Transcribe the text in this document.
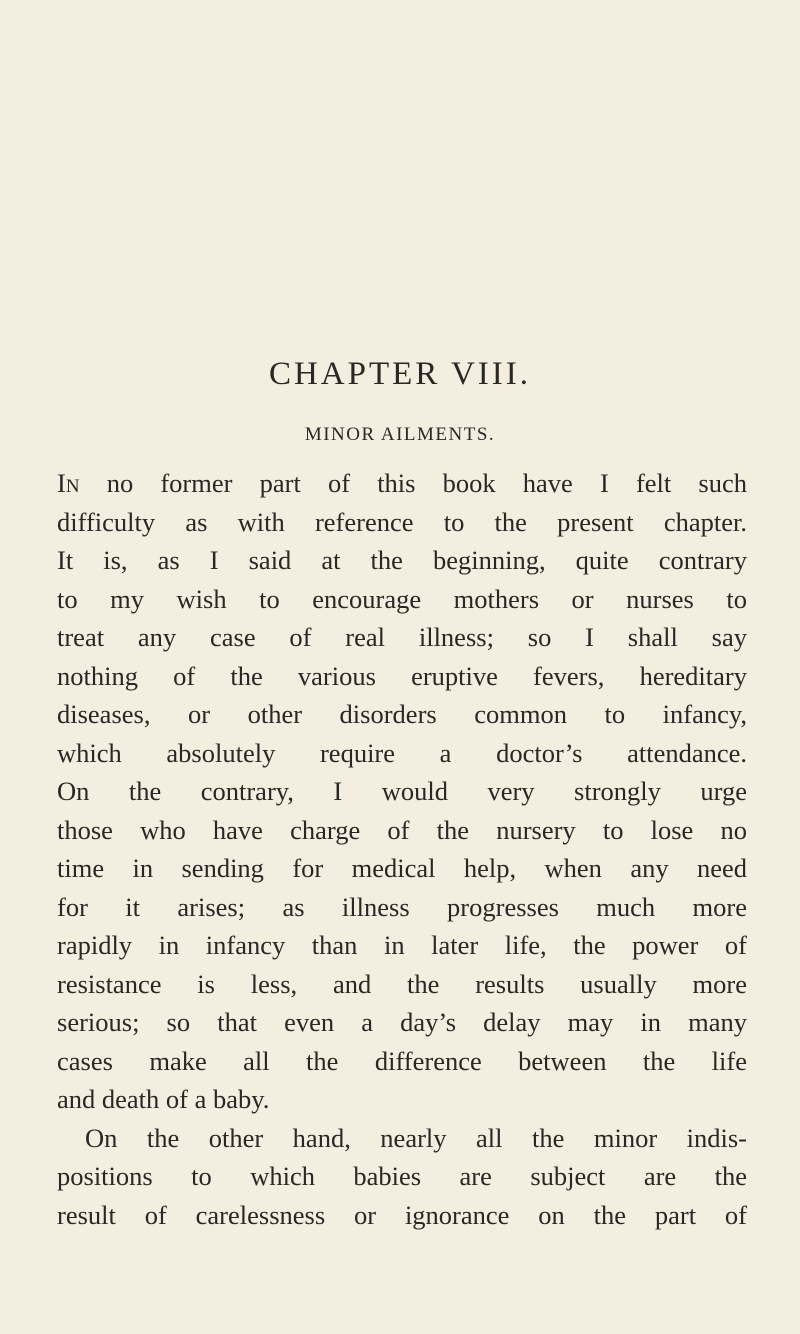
CHAPTER VIII.
MINOR AILMENTS.
In no former part of this book have I felt such
difficulty as with reference to the present chapter.
It is, as I said at the beginning, quite contrary
to my wish to encourage mothers or nurses to
treat any case of real illness; so I shall say
nothing of the various eruptive fevers, hereditary
diseases, or other disorders common to infancy,
which absolutely require a doctor’s attendance.
On the contrary, I would very strongly urge
those who have charge of the nursery to lose no
time in sending for medical help, when any need
for it arises; as illness progresses much more
rapidly in infancy than in later life, the power of
resistance is less, and the results usually more
serious; so that even a day’s delay may in many
cases make all the difference between the life
and death of a baby.
On the other hand, nearly all the minor indis-
positions to which babies are subject are the
result of carelessness or ignorance on the part of
